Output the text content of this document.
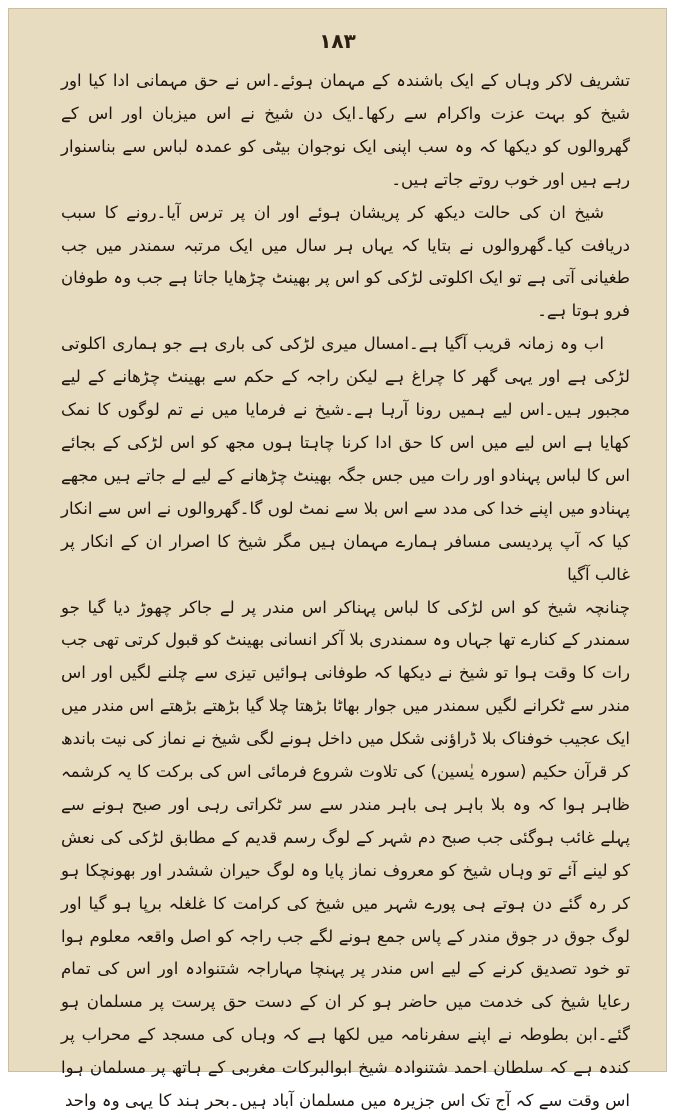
۱۸۳

تشریف لاکر وہاں کے ایک باشندہ کے مہمان ہوئے۔اس نے حق مہمانی ادا کیا اور شیخ کو بہت عزت واکرام سے رکھا۔ایک دن شیخ نے اس میزبان اور اس کے گھروالوں کو دیکھا کہ وہ سب اپنی ایک نوجوان بیٹی کو عمدہ لباس سے بناسنوار رہے ہیں اور خوب روتے جاتے ہیں۔

شیخ ان کی حالت دیکھ کر پریشان ہوئے اور ان پر ترس آیا۔رونے کا سبب دریافت کیا۔گھروالوں نے بتایا کہ یہاں ہر سال میں ایک مرتبہ سمندر میں جب طغیانی آتی ہے تو ایک اکلوتی لڑکی کو اس پر بھینٹ چڑھایا جاتا ہے جب وہ طوفان فرو ہوتا ہے۔

اب وہ زمانہ قریب آگیا ہے۔امسال میری لڑکی کی باری ہے جو ہماری اکلوتی لڑکی ہے اور یہی گھر کا چراغ ہے لیکن راجہ کے حکم سے بھینٹ چڑھانے کے لیے مجبور ہیں۔اس لیے ہمیں رونا آرہا ہے۔شیخ نے فرمایا میں نے تم لوگوں کا نمک کھایا ہے اس لیے میں اس کا حق ادا کرنا چاہتا ہوں مجھ کو اس لڑکی کے بجائے اس کا لباس پہنادو اور رات میں جس جگہ بھینٹ چڑھانے کے لیے لے جاتے ہیں مجھے پہنادو میں اپنے خدا کی مدد سے اس بلا سے نمٹ لوں گا۔گھروالوں نے اس سے انکار کیا کہ آپ پردیسی مسافر ہمارے مہمان ہیں مگر شیخ کا اصرار ان کے انکار پر غالب آگیا

چنانچہ شیخ کو اس لڑکی کا لباس پہناکر اس مندر پر لے جاکر چھوڑ دیا گیا جو سمندر کے کنارے تھا جہاں وہ سمندری بلا آکر انسانی بھینٹ کو قبول کرتی تھی جب رات کا وقت ہوا تو شیخ نے دیکھا کہ طوفانی ہوائیں تیزی سے چلنے لگیں اور اس مندر سے ٹکرانے لگیں سمندر میں جوار بھاٹا بڑھتا چلا گیا بڑھتے بڑھتے اس مندر میں ایک عجیب خوفناک بلا ڈراؤنی شکل میں داخل ہونے لگی شیخ نے نماز کی نیت باندھ کر قرآن حکیم (سورہ یٰسین) کی تلاوت شروع فرمائی اس کی برکت کا یہ کرشمہ ظاہر ہوا کہ وہ بلا باہر ہی باہر مندر سے سر ٹکراتی رہی اور صبح ہونے سے پہلے غائب ہوگئی جب صبح دم شہر کے لوگ رسم قدیم کے مطابق لڑکی کی نعش کو لینے آئے تو وہاں شیخ کو معروف نماز پایا وہ لوگ حیران ششدر اور بھونچکا ہو کر رہ گئے دن ہوتے ہی پورے شہر میں شیخ کی کرامت کا غلغلہ برپا ہو گیا اور لوگ جوق در جوق مندر کے پاس جمع ہونے لگے جب راجہ کو اصل واقعہ معلوم ہوا تو خود تصدیق کرنے کے لیے اس مندر پر پہنچا مہاراجہ شتنوادہ اور اس کی تمام رعایا شیخ کی خدمت میں حاضر ہو کر ان کے دست حق پرست پر مسلمان ہو گئے۔ابن بطوطہ نے اپنے سفرنامہ میں لکھا ہے کہ وہاں کی مسجد کے محراب پر کندہ ہے کہ سلطان احمد شتنوادہ شیخ ابوالبرکات مغربی کے ہاتھ پر مسلمان ہوا اس وقت سے کہ آج تک اس جزیرہ میں مسلمان آباد ہیں۔بحر ہند کا یہی وہ واحد
